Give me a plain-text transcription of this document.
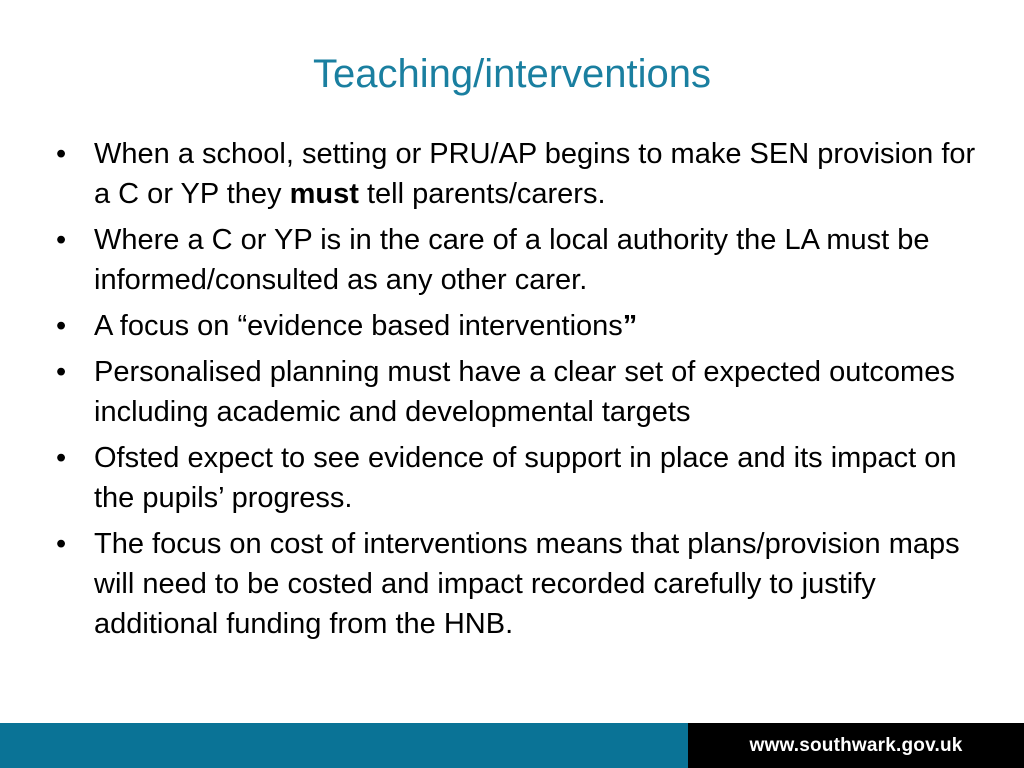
Teaching/interventions
• When a school, setting or PRU/AP begins to make SEN provision for a C or YP they must tell parents/carers.
• Where a C or YP is in the care of a local authority the LA must be informed/consulted as any other carer.
• A focus on “evidence based interventions”
• Personalised planning must have a clear set of expected outcomes including academic and developmental targets
• Ofsted expect to see evidence of support in place and its impact on the pupils’ progress.
• The focus on cost of interventions means that plans/provision maps will need to be costed and impact recorded carefully to justify additional funding from the HNB.
www.southwark.gov.uk
